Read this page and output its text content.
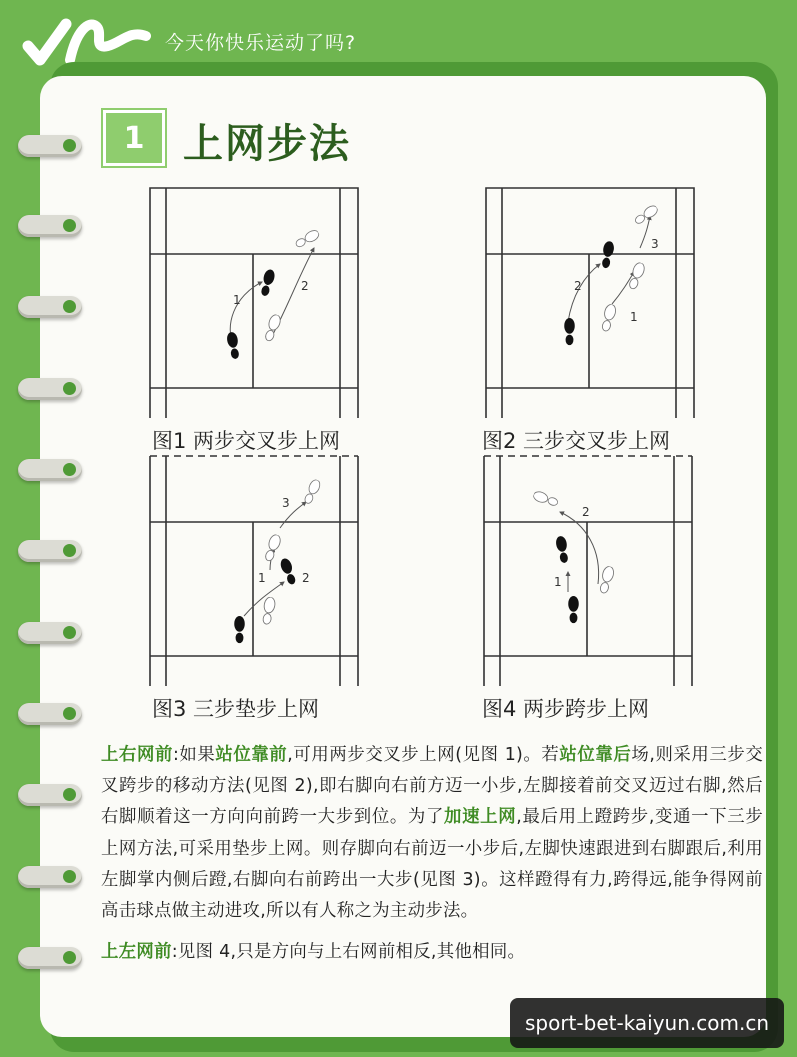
今天你快乐运动了吗?
1 上网步法
1
2
图1 两步交叉步上网
2
1
3
图2 三步交叉步上网
1	2
3
图3 三步垫步上网
1
2
图4 两步跨步上网

上右网前:如果站位靠前,可用两步交叉步上网(见图 1)。若站位靠后场,则采用三步交叉跨步的移动方法(见图 2),即右脚向右前方迈一小步,左脚接着前交叉迈过右脚,然后右脚顺着这一方向向前跨一大步到位。为了加速上网,最后用上蹬跨步,变通一下三步上网方法,可采用垫步上网。则存脚向右前迈一小步后,左脚快速跟进到右脚跟后,利用左脚掌内侧后蹬,右脚向右前跨出一大步(见图 3)。这样蹬得有力,跨得远,能争得网前高击球点做主动进攻,所以有人称之为主动步法。

上左网前:见图 4,只是方向与上右网前相反,其他相同。

sport-bet-kaiyun.com.cn
